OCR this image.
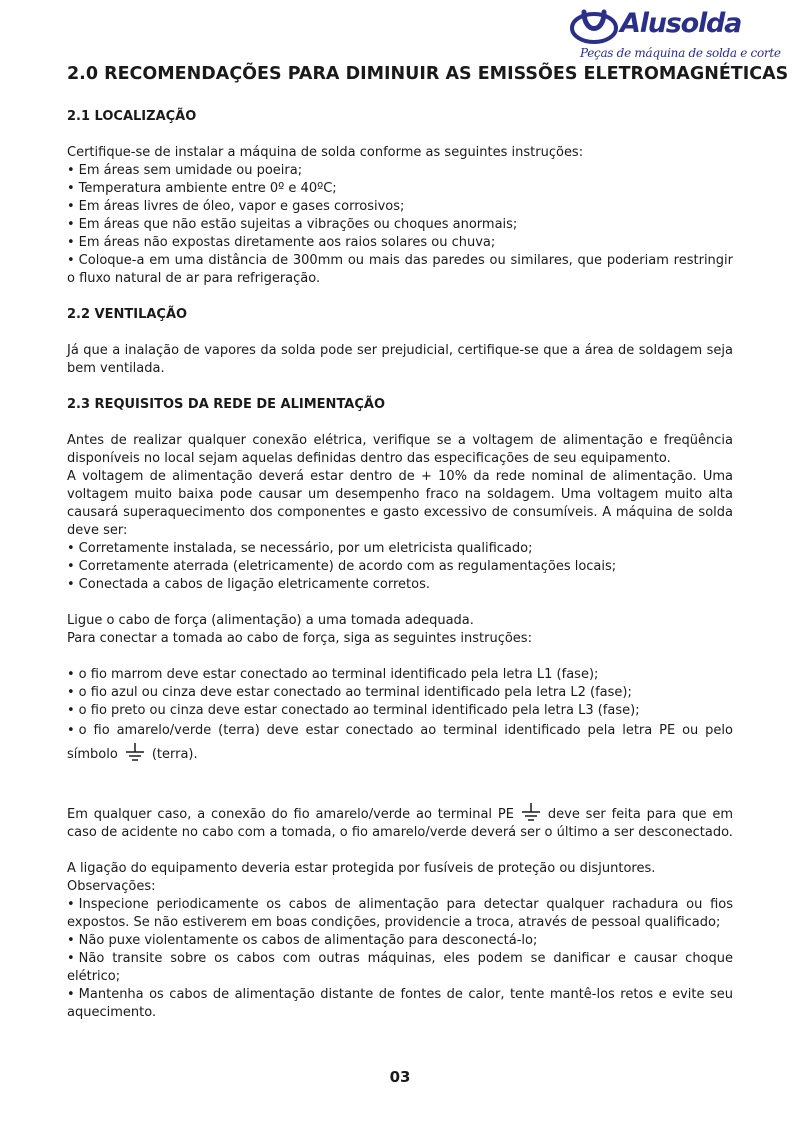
Alusolda
Peças de máquina de solda e corte
2.0 RECOMENDAÇÕES PARA DIMINUIR AS EMISSÕES ELETROMAGNÉTICAS
2.1 LOCALIZAÇÃO

Certifique-se de instalar a máquina de solda conforme as seguintes instruções:

• Em áreas sem umidade ou poeira;
• Temperatura ambiente entre 0º e 40ºC;
• Em áreas livres de óleo, vapor e gases corrosivos;
• Em áreas que não estão sujeitas a vibrações ou choques anormais;
• Em áreas não expostas diretamente aos raios solares ou chuva;
• Coloque-a em uma distância de 300mm ou mais das paredes ou similares, que poderiam restringir o fluxo natural de ar para refrigeração.
2.2 VENTILAÇÃO

Já que a inalação de vapores da solda pode ser prejudicial, certifique-se que a área de soldagem seja bem ventilada.

2.3 REQUISITOS DA REDE DE ALIMENTAÇÃO

Antes de realizar qualquer conexão elétrica, verifique se a voltagem de alimentação e freqüência disponíveis no local sejam aquelas definidas dentro das especificações de seu equipamento.

A voltagem de alimentação deverá estar dentro de + 10% da rede nominal de alimentação. Uma voltagem muito baixa pode causar um desempenho fraco na soldagem. Uma voltagem muito alta causará superaquecimento dos componentes e gasto excessivo de consumíveis. A máquina de solda deve ser:

• Corretamente instalada, se necessário, por um eletricista qualificado;
• Corretamente aterrada (eletricamente) de acordo com as regulamentações locais;
• Conectada a cabos de ligação eletricamente corretos.

Ligue o cabo de força (alimentação) a uma tomada adequada.

Para conectar a tomada ao cabo de força, siga as seguintes instruções:

• o fio marrom deve estar conectado ao terminal identificado pela letra L1 (fase);
• o fio azul ou cinza deve estar conectado ao terminal identificado pela letra L2 (fase);
• o fio preto ou cinza deve estar conectado ao terminal identificado pela letra L3 (fase);
• o fio amarelo/verde (terra) deve estar conectado ao terminal identificado pela letra PE ou pelo símbolo	(terra).

Em qualquer caso, a conexão do fio amarelo/verde ao terminal PE	deve ser feita para que em caso de acidente no cabo com a tomada, o fio amarelo/verde deverá ser o último a ser desconectado.

A ligação do equipamento deveria estar protegida por fusíveis de proteção ou disjuntores.

Observações:

• Inspecione periodicamente os cabos de alimentação para detectar qualquer rachadura ou fios expostos. Se não estiverem em boas condições, providencie a troca, através de pessoal qualificado;
• Não puxe violentamente os cabos de alimentação para desconectá-lo;
• Não transite sobre os cabos com outras máquinas, eles podem se danificar e causar choque elétrico;
• Mantenha os cabos de alimentação distante de fontes de calor, tente mantê-los retos e evite seu aquecimento.
03
